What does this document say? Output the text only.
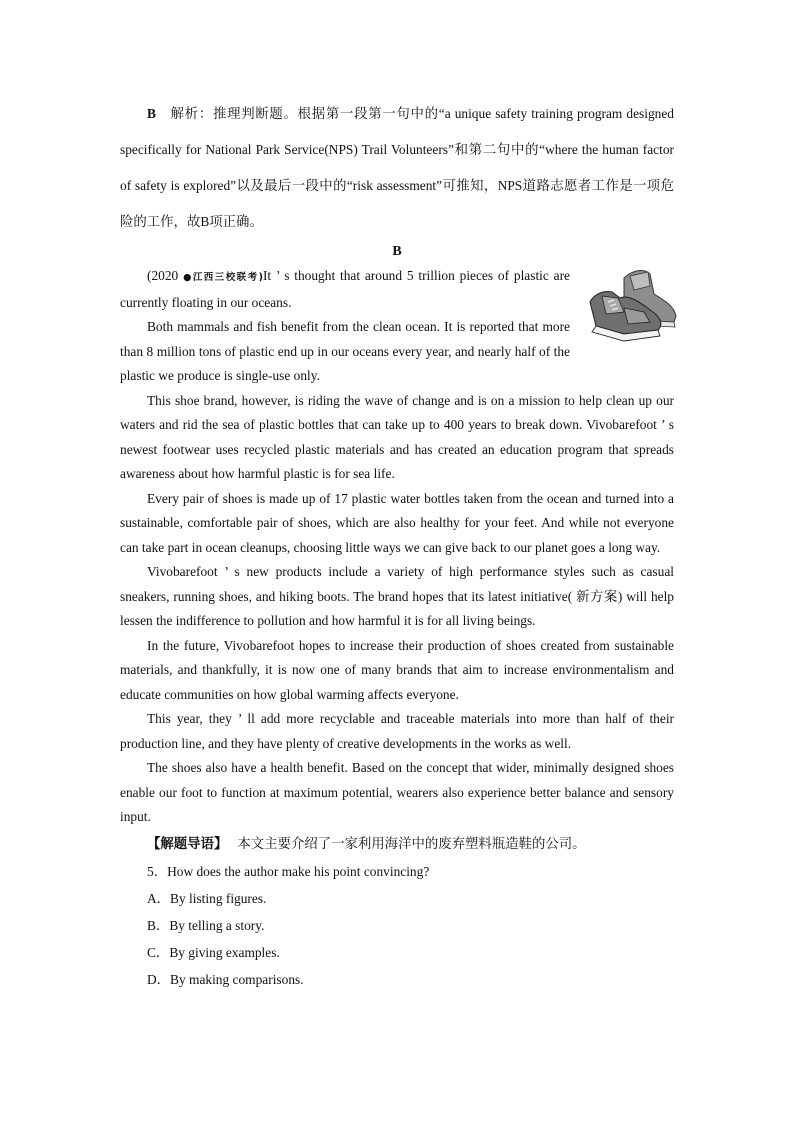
B 解析：推理判断题。根据第一段第一句中的“a unique safety training program designed specifically for National Park Service(NPS) Trail Volunteers”和第二句中的“where the human factor of safety is explored”以及最后一段中的“risk assessment”可推知，NPS道路志愿者工作是一项危险的工作，故B项正确。

B

(2020 ●江西三校联考)It ’ s thought that around 5 trillion pieces of plastic are currently floating in our oceans.

Both mammals and fish benefit from the clean ocean. It is reported that more than 8 million tons of plastic end up in our oceans every year, and nearly half of the plastic we produce is single-use only.

This shoe brand, however, is riding the wave of change and is on a mission to help clean up our waters and rid the sea of plastic bottles that can take up to 400 years to break down. Vivobarefoot ’ s newest footwear uses recycled plastic materials and has created an education program that spreads awareness about how harmful plastic is for sea life.

Every pair of shoes is made up of 17 plastic water bottles taken from the ocean and turned into a sustainable, comfortable pair of shoes, which are also healthy for your feet. And while not everyone can take part in ocean cleanups, choosing little ways we can give back to our planet goes a long way.

Vivobarefoot ’ s new products include a variety of high performance styles such as casual sneakers, running shoes, and hiking boots. The brand hopes that its latest initiative( 新方案) will help lessen the indifference to pollution and how harmful it is for all living beings.

In the future, Vivobarefoot hopes to increase their production of shoes created from sustainable materials, and thankfully, it is now one of many brands that aim to increase environmentalism and educate communities on how global warming affects everyone.

This year, they ’ ll add more recyclable and traceable materials into more than half of their production line, and they have plenty of creative developments in the works as well.

The shoes also have a health benefit. Based on the concept that wider, minimally designed shoes enable our foot to function at maximum potential, wearers also experience better balance and sensory input.

【解题导语】 本文主要介绍了一家利用海洋中的废弃塑料瓶造鞋的公司。

5．How does the author make his point convincing?

A．By listing figures.

B．By telling a story.

C．By giving examples.

D．By making comparisons.
